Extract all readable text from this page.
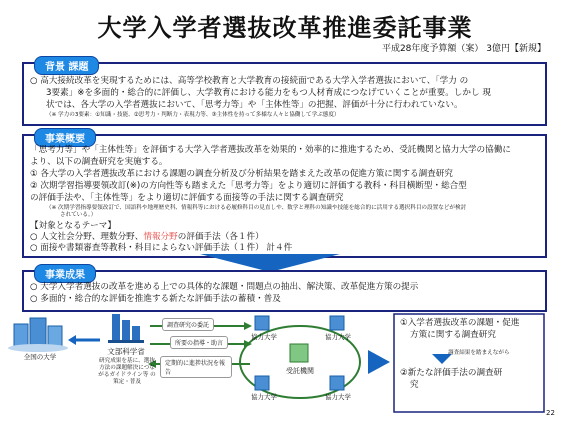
大学入学者選抜改革推進委託事業
平成28年度予算額（案） 3億円【新規】
背景 課題
○ 高大接続改革を実現するためには、高等学校教育と大学教育の接続面である大学入学者選抜において、「学力 の
3要素」※を多面的・総合的に評価し、大学教育における能力をもつ人材育成につなげていくことが重要。しかし 現
状では、各大学の入学者選抜において、「思考力等」や「主体性等」の把握、評価が十分に行われていない。
（※ 学力の3要素：①知識・技能、②思考力・判断力・表現力等、③主体性を持って多様な人々と協働して学ぶ態度）
事業概要
「思考力等」や「主体性等」を評価する大学入学者選抜改革を効果的・効率的に推進するため、受託機関と協力大学の協働に
より、以下の調査研究を実施する。
① 各大学の入学者選抜改革における課題の調査分析及び分析結果を踏まえた改革の促進方策に関する調査研究
② 次期学習指導要領改訂(※)の方向性等も踏まえた「思考力等」をより適切に評価する教科・科目横断型・総合型
の評価手法や、「主体性等」をより適切に評価する面接等の手法に関する調査研究
（※ 次期学習指導要領改訂で、国語科や地理歴史科、情報科等における必履修科目の見直しや、数学と理科の知識や技能を総合的に活用する選択科目の設置などが検討
されている。）
【対象となるテーマ】
○ 人文社会分野、理数分野、情報分野の評価手法（各１件）
○ 面接や書類審査等教科・科目によらない評価手法（１件） 計４件
事業成果
○ 大学入学者選抜の改革を進める上での具体的な課題・問題点の抽出、解決策、改革促進方策の提示
○ 多面的・総合的な評価を推進する新たな評価手法の蓄積・普及
全国の大学
文部科学省
研究成果を基に、選抜方法の課題解決につながるガイドライン等 の策定・普及
調査研究の委託
所要の指導・助言
定期的に進捗状況を報告
協力大学	協力大学
協力大学	協力大学
受託機関
①入学者選抜改革の課題・促進
方策に関する調査研究
調査結果を踏まえながら
②新たな評価手法の調査研
究
22
